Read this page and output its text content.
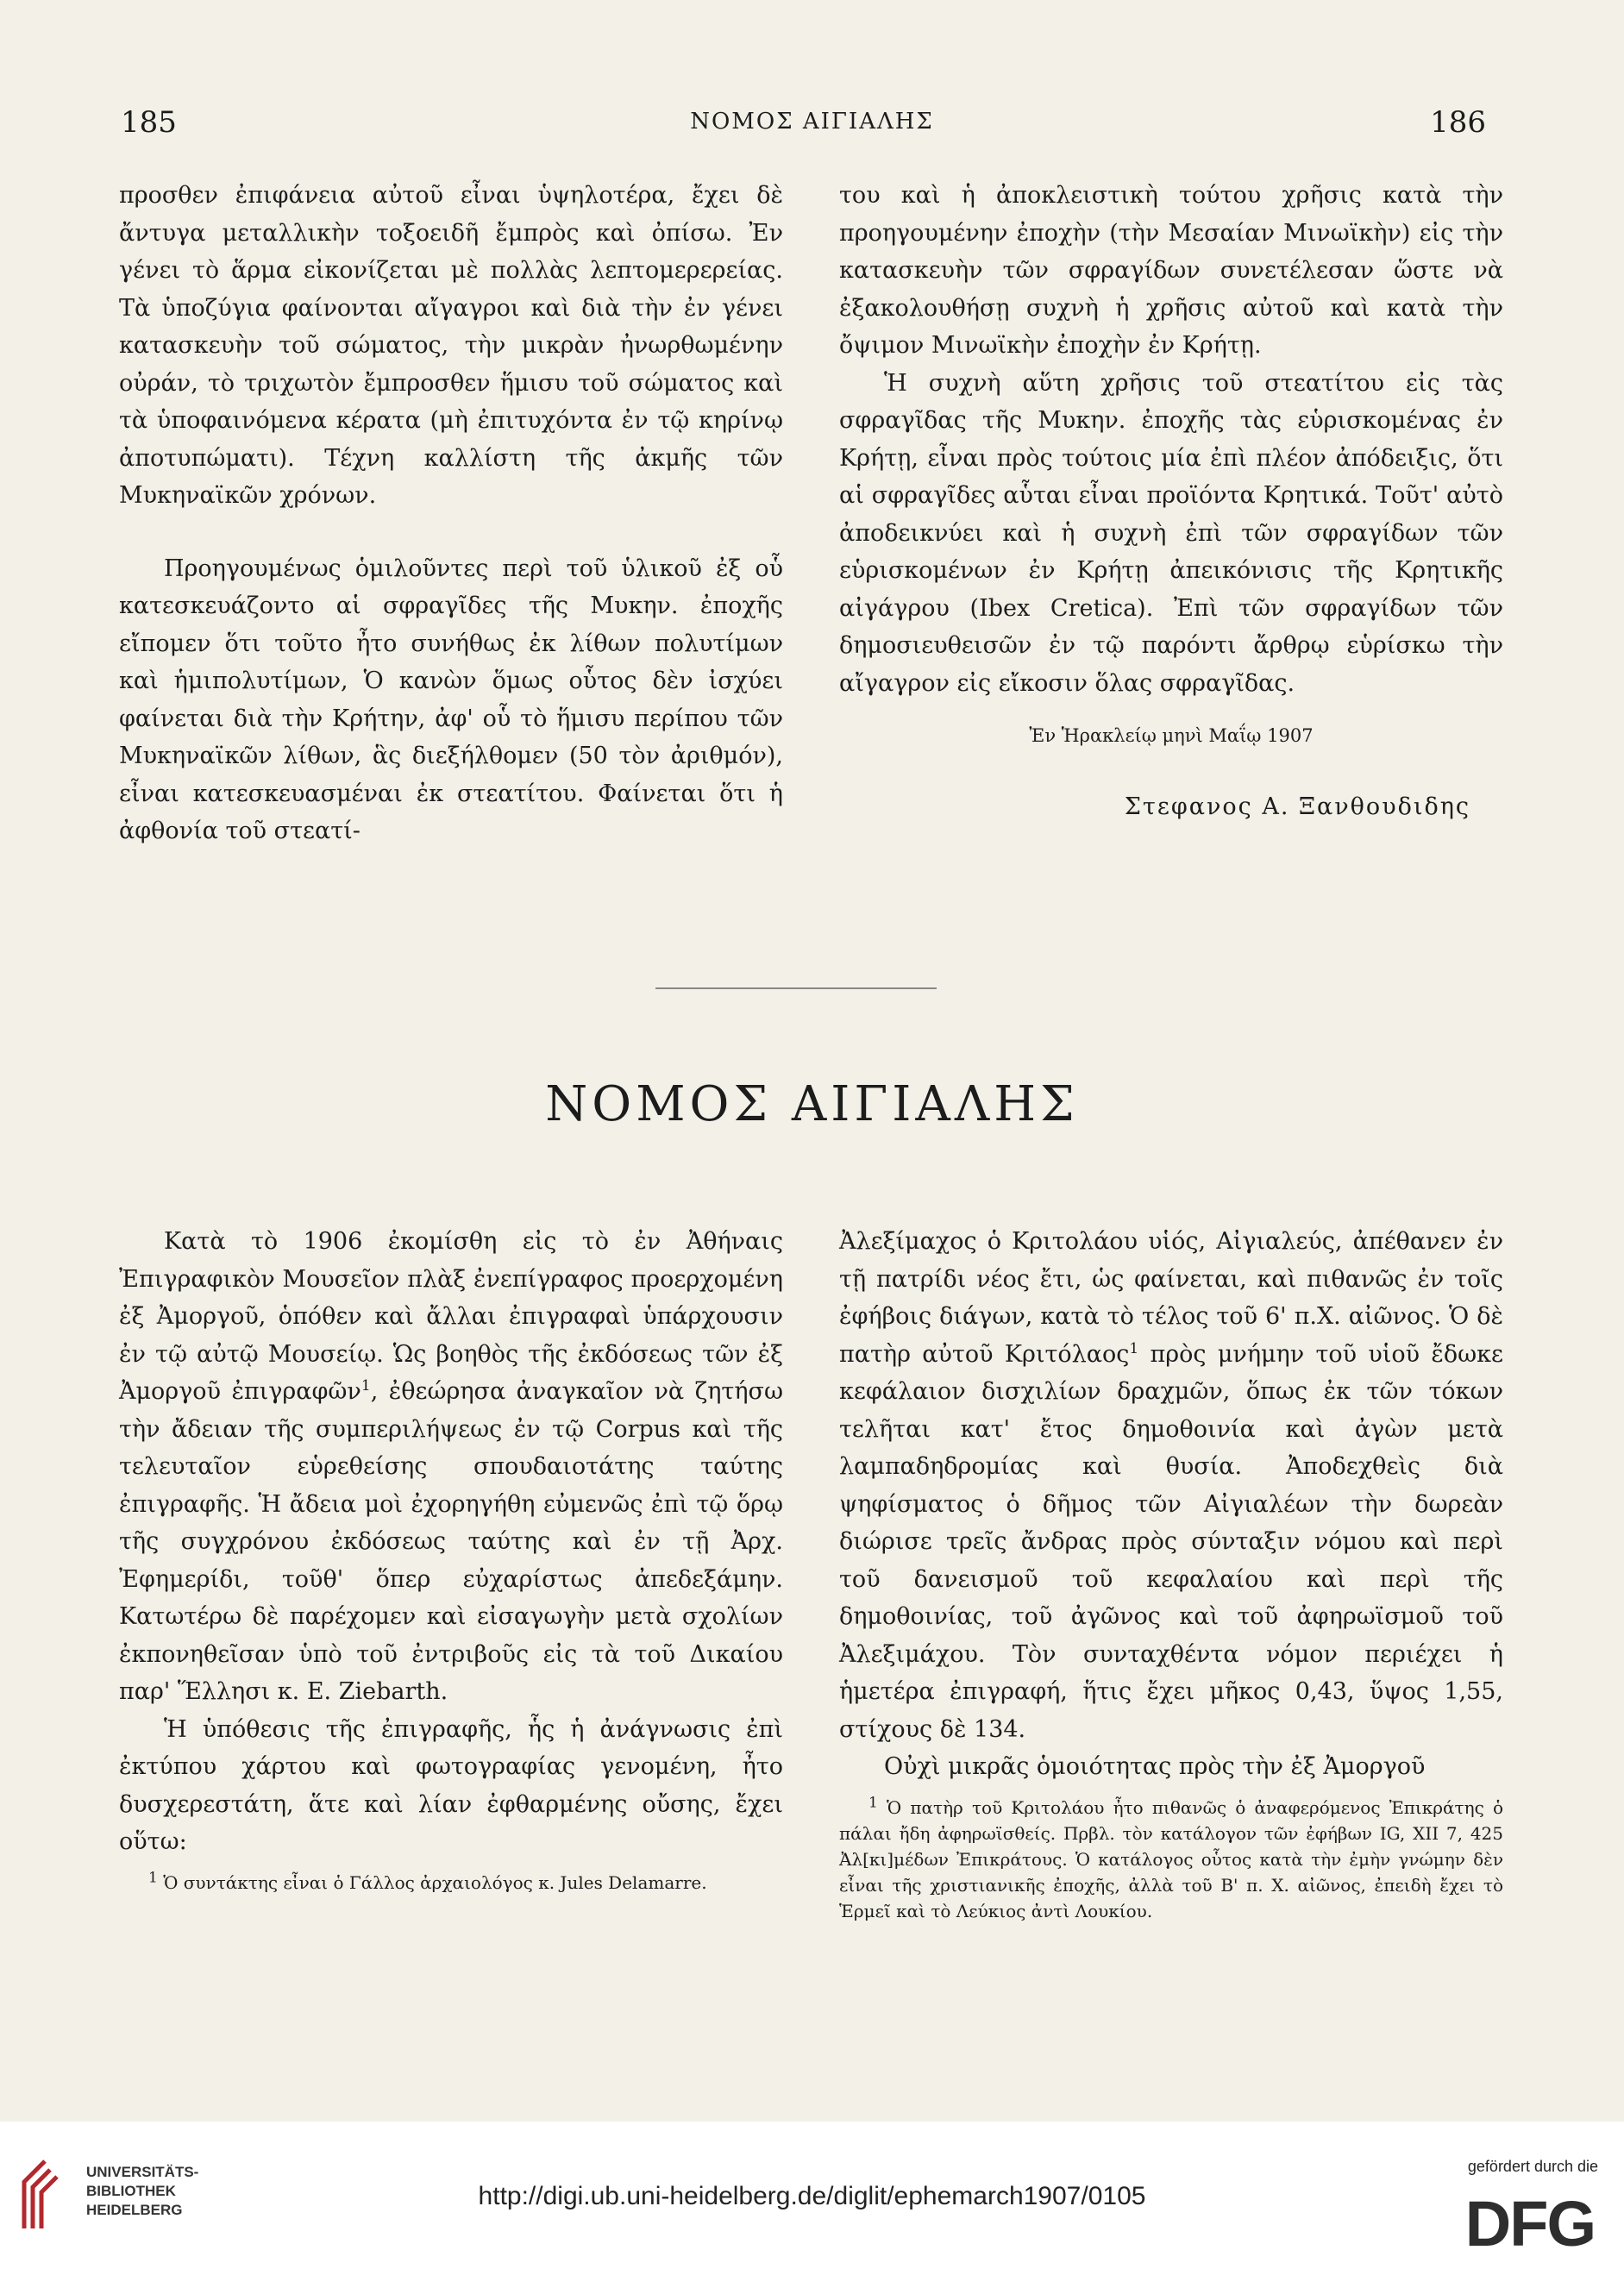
185	ΝΟΜΟΣ ΑΙΓΙΑΛΗΣ	186

προσθεν ἐπιφάνεια αὐτοῦ εἶναι ὑψηλοτέρα, ἔχει δὲ ἄντυγα μεταλλικὴν τοξοειδῆ ἔμπρὸς καὶ ὀπίσω. Ἐν γένει τὸ ἅρμα εἰκονίζεται μὲ πολλὰς λεπτομερερείας. Τὰ ὑποζύγια φαίνονται αἴγαγροι καὶ διὰ τὴν ἐν γένει κατασκευὴν τοῦ σώματος, τὴν μικρὰν ἠνωρθωμένην οὐράν, τὸ τριχωτὸν ἔμπροσθεν ἥμισυ τοῦ σώματος καὶ τὰ ὑποφαινόμενα κέρατα (μὴ ἐπιτυχόντα ἐν τῷ κηρίνῳ ἀποτυπώματι). Τέχνη καλλίστη τῆς ἀκμῆς τῶν Μυκηναϊκῶν χρόνων.

Προηγουμένως ὁμιλοῦντες περὶ τοῦ ὑλικοῦ ἐξ οὗ κατεσκευάζοντο αἱ σφραγῖδες τῆς Μυκην. ἐποχῆς εἴπομεν ὅτι τοῦτο ἦτο συνήθως ἐκ λίθων πολυτίμων καὶ ἡμιπολυτίμων, Ὁ κανὼν ὅμως οὗτος δὲν ἰσχύει φαίνεται διὰ τὴν Κρήτην, ἀφ' οὗ τὸ ἥμισυ περίπου τῶν Μυκηναϊκῶν λίθων, ἃς διεξήλθομεν (50 τὸν ἀριθμόν), εἶναι κατεσκευασμέναι ἐκ στεατίτου. Φαίνεται ὅτι ἡ ἀφθονία τοῦ στεατί-

του καὶ ἡ ἀποκλειστικὴ τούτου χρῆσις κατὰ τὴν προηγουμένην ἐποχὴν (τὴν Μεσαίαν Μινωϊκὴν) εἰς τὴν κατασκευὴν τῶν σφραγίδων συνετέλεσαν ὥστε νὰ ἐξακολουθήσῃ συχνὴ ἡ χρῆσις αὐτοῦ καὶ κατὰ τὴν ὄψιμον Μινωϊκὴν ἐποχὴν ἐν Κρήτῃ.

Ἡ συχνὴ αὕτη χρῆσις τοῦ στεατίτου εἰς τὰς σφραγῖδας τῆς Μυκην. ἐποχῆς τὰς εὑρισκομένας ἐν Κρήτῃ, εἶναι πρὸς τούτοις μία ἐπὶ πλέον ἀπόδειξις, ὅτι αἱ σφραγῖδες αὗται εἶναι προϊόντα Κρητικά. Τοῦτ' αὐτὸ ἀποδεικνύει καὶ ἡ συχνὴ ἐπὶ τῶν σφραγίδων τῶν εὑρισκομένων ἐν Κρήτῃ ἀπεικόνισις τῆς Κρητικῆς αἰγάγρου (Ibex Cretica). Ἐπὶ τῶν σφραγίδων τῶν δημοσιευθεισῶν ἐν τῷ παρόντι ἄρθρῳ εὑρίσκω τὴν αἴγαγρον εἰς εἴκοσιν ὅλας σφραγῖδας.

Ἐν Ἡρακλείῳ μηνὶ Μαΐῳ 1907
Στεφανος Α. Ξανθουδιδης
ΝΟΜΟΣ ΑΙΓΙΑΛΗΣ

Κατὰ τὸ 1906 ἐκομίσθη εἰς τὸ ἐν Ἀθήναις Ἐπιγραφικὸν Μουσεῖον πλὰξ ἐνεπίγραφος προερχομένη ἐξ Ἀμοργοῦ, ὁπόθεν καὶ ἄλλαι ἐπιγραφαὶ ὑπάρχουσιν ἐν τῷ αὐτῷ Μουσείῳ. Ὡς βοηθὸς τῆς ἐκδόσεως τῶν ἐξ Ἀμοργοῦ ἐπιγραφῶν$^1$, ἐθεώρησα ἀναγκαῖον νὰ ζητήσω τὴν ἄδειαν τῆς συμπεριλήψεως ἐν τῷ Corpus καὶ τῆς τελευταῖον εὑρεθείσης σπουδαιοτάτης ταύτης ἐπιγραφῆς. Ἡ ἄδεια μοὶ ἐχορηγήθη εὐμενῶς ἐπὶ τῷ ὅρῳ τῆς συγχρόνου ἐκδόσεως ταύτης καὶ ἐν τῇ Ἀρχ. Ἐφημερίδι, τοῦθ' ὅπερ εὐχαρίστως ἀπεδεξάμην. Κατωτέρω δὲ παρέχομεν καὶ εἰσαγωγὴν μετὰ σχολίων ἐκπονηθεῖσαν ὑπὸ τοῦ ἐντριβοῦς εἰς τὰ τοῦ Δικαίου παρ' Ἕλλησι κ. E. Ziebarth.

Ἡ ὑπόθεσις τῆς ἐπιγραφῆς, ἧς ἡ ἀνάγνωσις ἐπὶ ἐκτύπου χάρτου καὶ φωτογραφίας γενομένη, ἦτο δυσχερεστάτη, ἅτε καὶ λίαν ἐφθαρμένης οὔσης, ἔχει οὕτω:

$^1$ Ὁ συντάκτης εἶναι ὁ Γάλλος ἀρχαιολόγος κ. Jules Delamarre.

Ἀλεξίμαχος ὁ Κριτολάου υἱός, Αἰγιαλεύς, ἀπέθανεν ἐν τῇ πατρίδι νέος ἔτι, ὡς φαίνεται, καὶ πιθανῶς ἐν τοῖς ἐφήβοις διάγων, κατὰ τὸ τέλος τοῦ 6' π.Χ. αἰῶνος. Ὁ δὲ πατὴρ αὐτοῦ Κριτόλαος$^1$ πρὸς μνήμην τοῦ υἱοῦ ἔδωκε κεφάλαιον δισχιλίων δραχμῶν, ὅπως ἐκ τῶν τόκων τελῆται κατ' ἔτος δημοθοινία καὶ ἀγὼν μετὰ λαμπαδηδρομίας καὶ θυσία. Ἀποδεχθεὶς διὰ ψηφίσματος ὁ δῆμος τῶν Αἰγιαλέων τὴν δωρεὰν διώρισε τρεῖς ἄνδρας πρὸς σύνταξιν νόμου καὶ περὶ τοῦ δανεισμοῦ τοῦ κεφαλαίου καὶ περὶ τῆς δημοθοινίας, τοῦ ἀγῶνος καὶ τοῦ ἀφηρωϊσμοῦ τοῦ Ἀλεξιμάχου. Τὸν συνταχθέντα νόμον περιέχει ἡ ἡμετέρα ἐπιγραφή, ἥτις ἔχει μῆκος 0,43, ὕψος 1,55, στίχους δὲ 134.

Οὐχὶ μικρᾶς ὁμοιότητας πρὸς τὴν ἐξ Ἀμοργοῦ

$^1$ Ὁ πατὴρ τοῦ Κριτολάου ἦτο πιθανῶς ὁ ἀναφερόμενος Ἐπικράτης ὁ πάλαι ἤδη ἀφηρωϊσθείς. Πρβλ. τὸν κατάλογον τῶν ἐφήβων IG, XII 7, 425 Ἀλ[κι]μέδων Ἐπικράτους. Ὁ κατάλογος οὗτος κατὰ τὴν ἐμὴν γνώμην δὲν εἶναι τῆς χριστιανικῆς ἐποχῆς, ἀλλὰ τοῦ Β' π. Χ. αἰῶνος, ἐπειδὴ ἔχει τὸ Ἑρμεῖ καὶ τὸ Λεύκιος ἀντὶ Λουκίου.
UNIVERSITÄTS-
BIBLIOTHEK
HEIDELBERG	http://digi.ub.uni-heidelberg.de/diglit/ephemarch1907/0105
gefördert durch die
DFG
